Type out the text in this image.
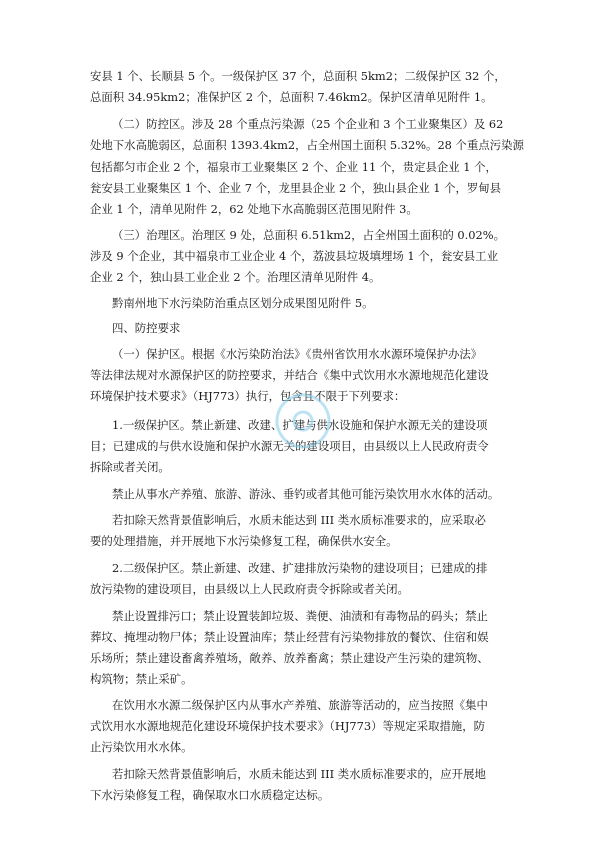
安县 1 个、长顺县 5 个。一级保护区 37 个，总面积 5km2；二级保护区 32 个，
总面积 34.95km2；准保护区 2 个，总面积 7.46km2。保护区清单见附件 1。
（二）防控区。涉及 28 个重点污染源（25 个企业和 3 个工业聚集区）及 62
处地下水高脆弱区，总面积 1393.4km2，占全州国土面积 5.32%。28 个重点污染源
包括都匀市企业 2 个，福泉市工业聚集区 2 个、企业 11 个，贵定县企业 1 个，
瓮安县工业聚集区 1 个、企业 7 个，龙里县企业 2 个，独山县企业 1 个，罗甸县
企业 1 个，清单见附件 2，62 处地下水高脆弱区范围见附件 3。
（三）治理区。治理区 9 处，总面积 6.51km2，占全州国土面积的 0.02%。
涉及 9 个企业，其中福泉市工业企业 4 个，荔波县垃圾填埋场 1 个，瓮安县工业
企业 2 个，独山县工业企业 2 个。治理区清单见附件 4。
黔南州地下水污染防治重点区划分成果图见附件 5。
四、防控要求
（一）保护区。根据《水污染防治法》《贵州省饮用水水源环境保护办法》
等法律法规对水源保护区的防控要求，并结合《集中式饮用水水源地规范化建设
环境保护技术要求》（HJ773）执行，包含且不限于下列要求：
1.一级保护区。禁止新建、改建、扩建与供水设施和保护水源无关的建设项
目；已建成的与供水设施和保护水源无关的建设项目，由县级以上人民政府责令
拆除或者关闭。
禁止从事水产养殖、旅游、游泳、垂钓或者其他可能污染饮用水水体的活动。
若扣除天然背景值影响后，水质未能达到 III 类水质标准要求的，应采取必
要的处理措施，并开展地下水污染修复工程，确保供水安全。
2.二级保护区。禁止新建、改建、扩建排放污染物的建设项目；已建成的排
放污染物的建设项目，由县级以上人民政府责令拆除或者关闭。
禁止设置排污口；禁止设置装卸垃圾、粪便、油渍和有毒物品的码头；禁止
葬坟、掩埋动物尸体；禁止设置油库；禁止经营有污染物排放的餐饮、住宿和娱
乐场所；禁止建设畜禽养殖场，敞养、放养畜禽；禁止建设产生污染的建筑物、
构筑物；禁止采矿。
在饮用水水源二级保护区内从事水产养殖、旅游等活动的，应当按照《集中
式饮用水水源地规范化建设环境保护技术要求》（HJ773）等规定采取措施，防
止污染饮用水水体。
若扣除天然背景值影响后，水质未能达到 III 类水质标准要求的，应开展地
下水污染修复工程，确保取水口水质稳定达标。
